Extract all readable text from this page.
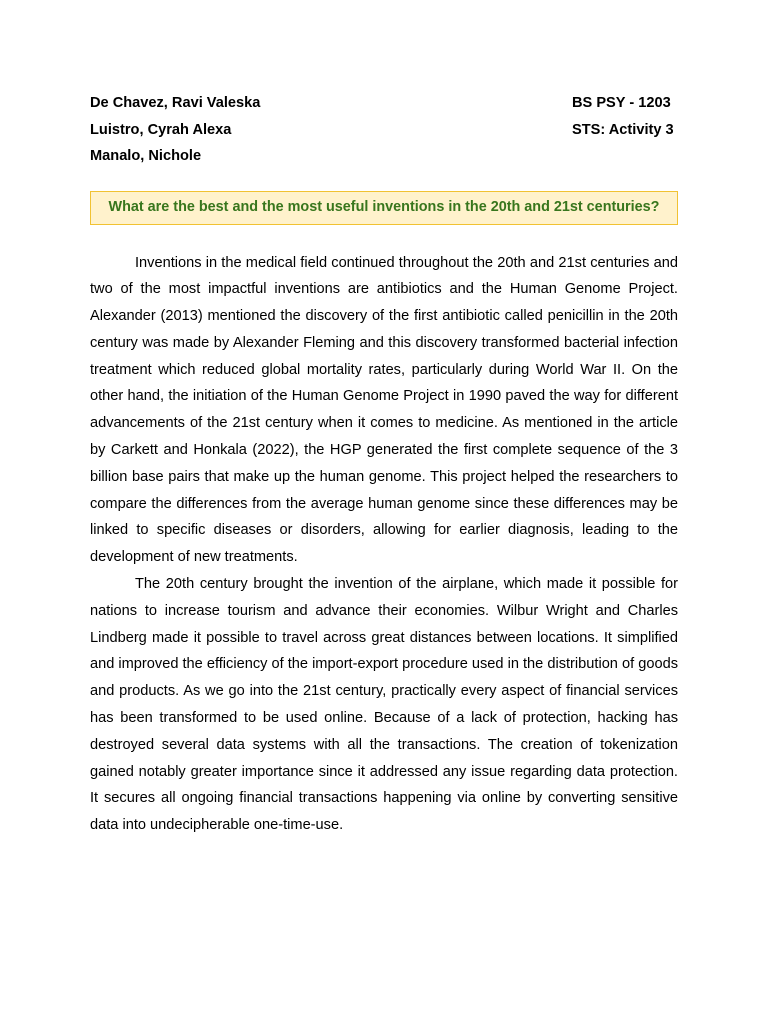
De Chavez, Ravi Valeska
Luistro, Cyrah Alexa
Manalo, Nichole
BS PSY - 1203
STS: Activity 3
What are the best and the most useful inventions in the 20th and 21st centuries?

Inventions in the medical field continued throughout the 20th and 21st centuries and two of the most impactful inventions are antibiotics and the Human Genome Project. Alexander (2013) mentioned the discovery of the first antibiotic called penicillin in the 20th century was made by Alexander Fleming and this discovery transformed bacterial infection treatment which reduced global mortality rates, particularly during World War II. On the other hand, the initiation of the Human Genome Project in 1990 paved the way for different advancements of the 21st century when it comes to medicine. As mentioned in the article by Carkett and Honkala (2022), the HGP generated the first complete sequence of the 3 billion base pairs that make up the human genome. This project helped the researchers to compare the differences from the average human genome since these differences may be linked to specific diseases or disorders, allowing for earlier diagnosis, leading to the development of new treatments.

The 20th century brought the invention of the airplane, which made it possible for nations to increase tourism and advance their economies. Wilbur Wright and Charles Lindberg made it possible to travel across great distances between locations. It simplified and improved the efficiency of the import-export procedure used in the distribution of goods and products. As we go into the 21st century, practically every aspect of financial services has been transformed to be used online. Because of a lack of protection, hacking has destroyed several data systems with all the transactions. The creation of tokenization gained notably greater importance since it addressed any issue regarding data protection. It secures all ongoing financial transactions happening via online by converting sensitive data into undecipherable one-time-use.
